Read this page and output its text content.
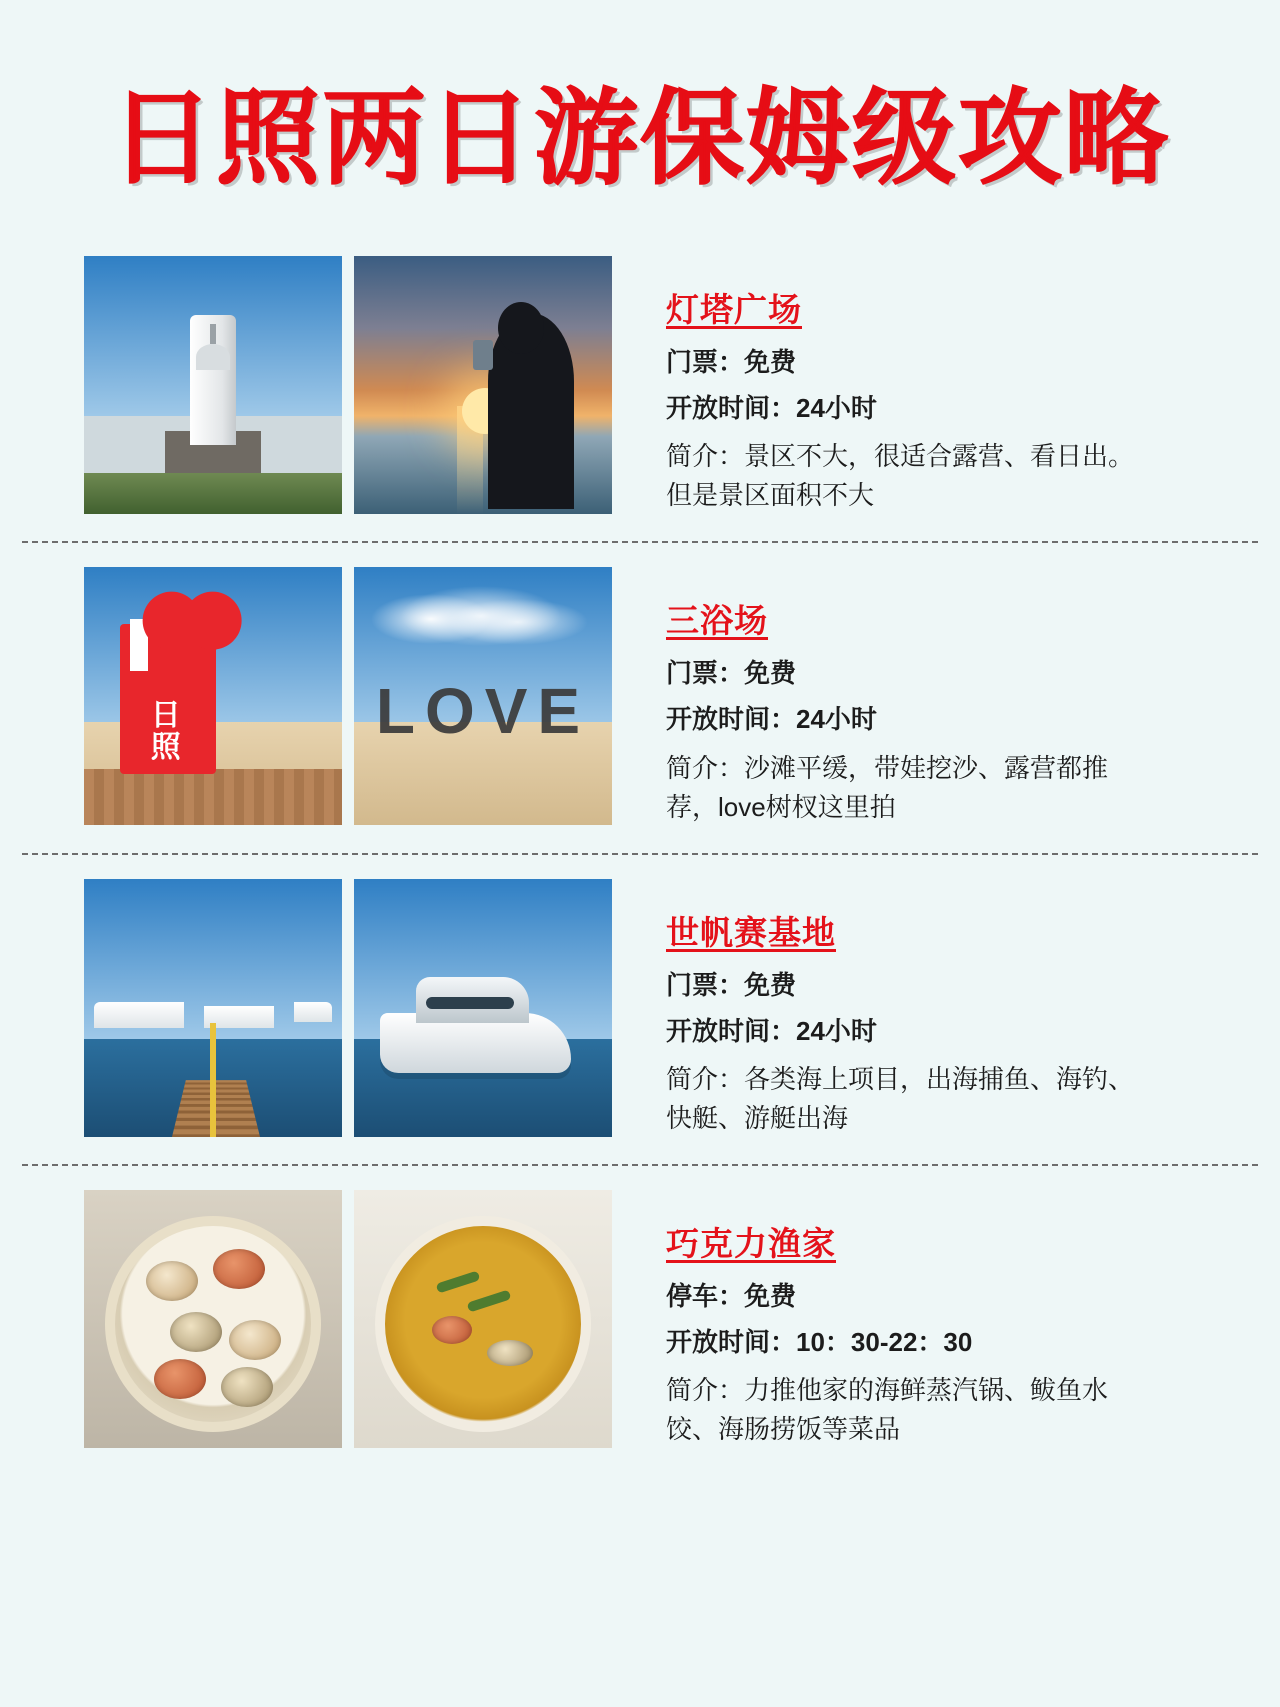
日照两日游保姆级攻略
灯塔广场
门票：免费
开放时间：24小时
简介：景区不大，很适合露营、看日出。但是景区面积不大
日
照
LOVE
三浴场
门票：免费
开放时间：24小时
简介：沙滩平缓，带娃挖沙、露营都推荐，love树杈这里拍
世帆赛基地
门票：免费
开放时间：24小时
简介：各类海上项目，出海捕鱼、海钓、快艇、游艇出海
巧克力渔家
停车：免费
开放时间：10：30-22：30
简介：力推他家的海鲜蒸汽锅、鲅鱼水饺、海肠捞饭等菜品
